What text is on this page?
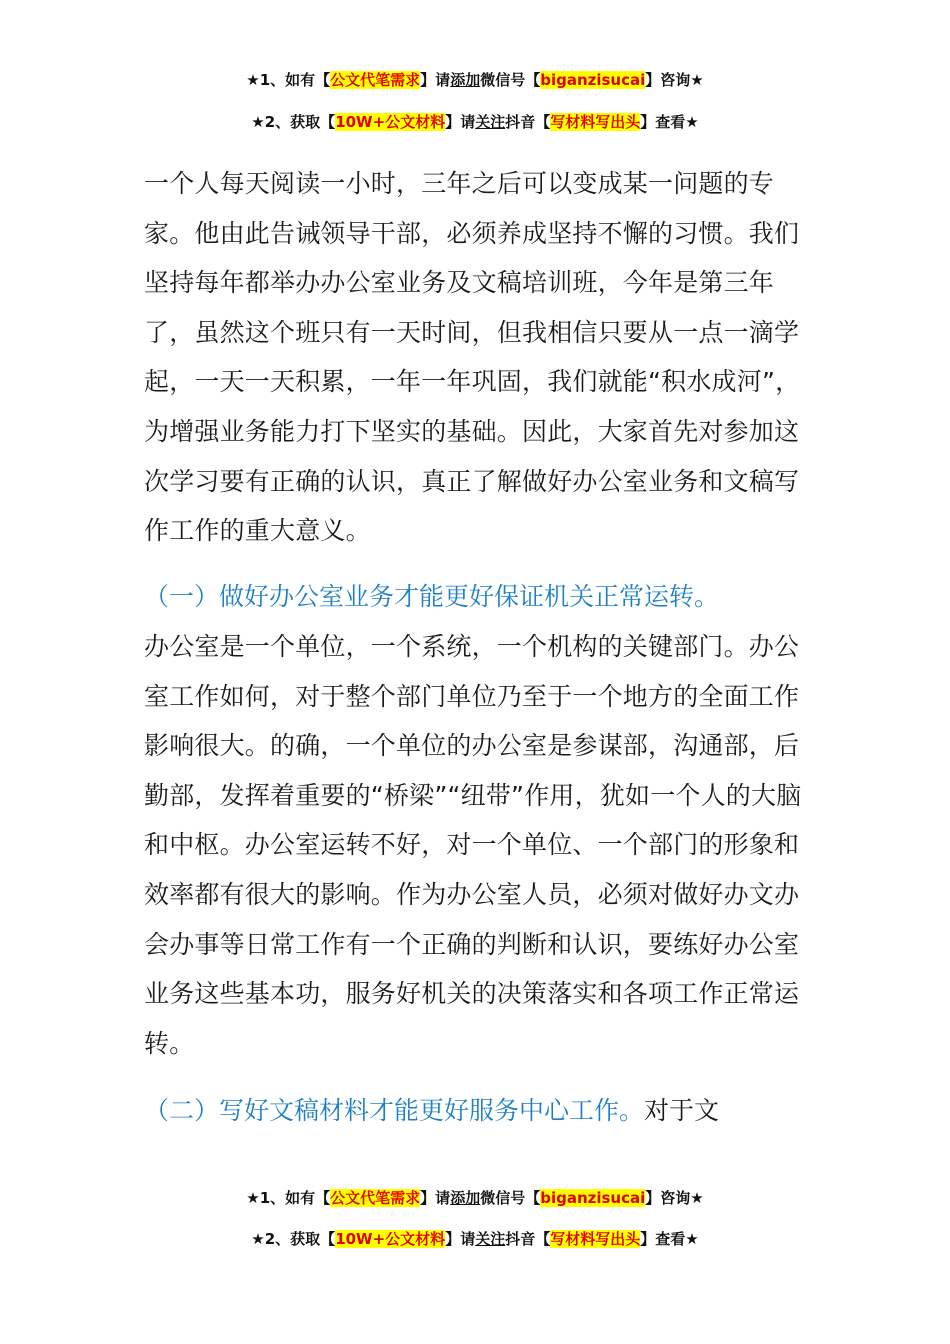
★1、如有【公文代笔需求】请添加微信号【biganzisucai】咨询★
★2、获取【10W+公文材料】请关注抖音【写材料写出头】查看★

一个人每天阅读一小时，三年之后可以变成某一问题的专家。他由此告诫领导干部，必须养成坚持不懈的习惯。我们坚持每年都举办办公室业务及文稿培训班，今年是第三年了，虽然这个班只有一天时间，但我相信只要从一点一滴学起，一天一天积累，一年一年巩固，我们就能“积水成河”，为增强业务能力打下坚实的基础。因此，大家首先对参加这次学习要有正确的认识，真正了解做好办公室业务和文稿写作工作的重大意义。

（一）做好办公室业务才能更好保证机关正常运转。

办公室是一个单位，一个系统，一个机构的关键部门。办公室工作如何，对于整个部门单位乃至于一个地方的全面工作影响很大。的确，一个单位的办公室是参谋部，沟通部，后勤部，发挥着重要的“桥梁”“纽带”作用，犹如一个人的大脑和中枢。办公室运转不好，对一个单位、一个部门的形象和效率都有很大的影响。作为办公室人员，必须对做好办文办会办事等日常工作有一个正确的判断和认识，要练好办公室业务这些基本功，服务好机关的决策落实和各项工作正常运转。

（二）写好文稿材料才能更好服务中心工作。对于文
★1、如有【公文代笔需求】请添加微信号【biganzisucai】咨询★
★2、获取【10W+公文材料】请关注抖音【写材料写出头】查看★
